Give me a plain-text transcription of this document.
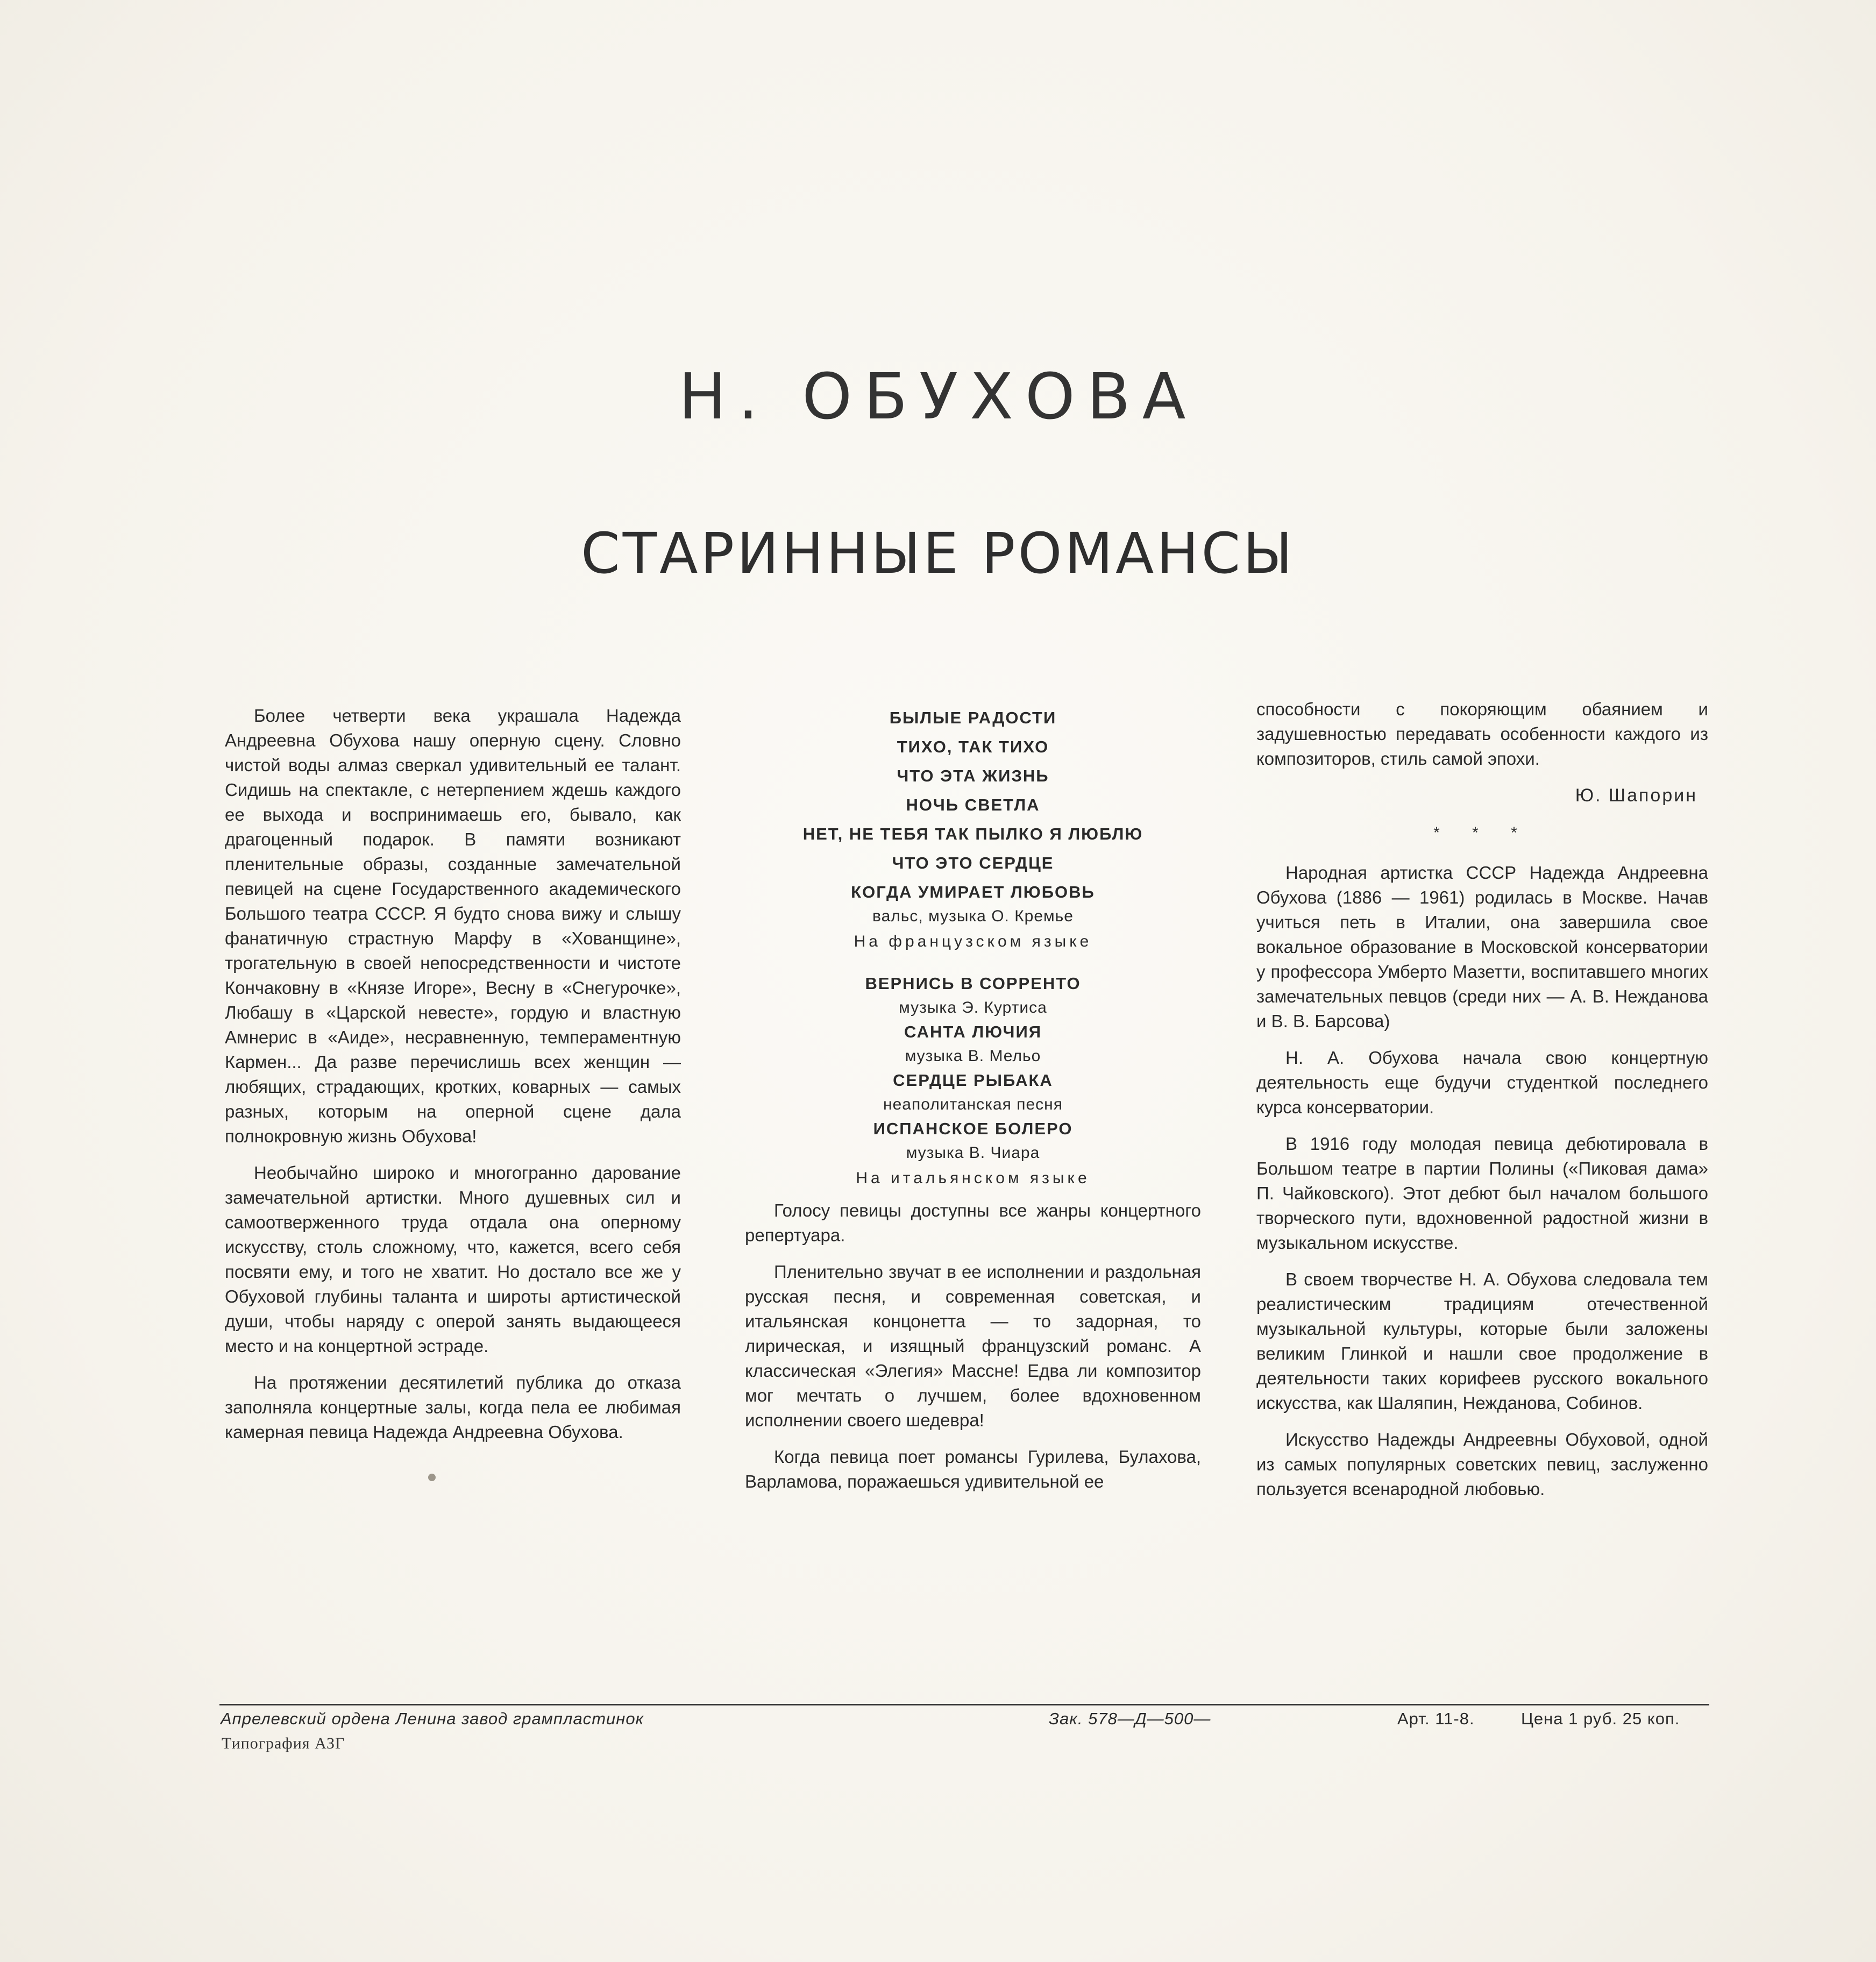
Н. ОБУХОВА
СТАРИННЫЕ РОМАНСЫ

Более четверти века украшала Надежда Андреевна Обухова нашу оперную сцену. Словно чистой воды алмаз сверкал удивительный ее талант. Сидишь на спектакле, с нетерпением ждешь каждого ее выхода и воспринимаешь его, бывало, как драгоценный подарок. В памяти возникают пленительные образы, созданные замечательной певицей на сцене Государственного академического Большого театра СССР. Я будто снова вижу и слышу фанатичную страстную Марфу в «Хованщине», трогательную в своей непосредственности и чистоте Кончаковну в «Князе Игоре», Весну в «Снегурочке», Любашу в «Царской невесте», гордую и властную Амнерис в «Аиде», несравненную, темпераментную Кармен... Да разве перечислишь всех женщин — любящих, страдающих, кротких, коварных — самых разных, которым на оперной сцене дала полнокровную жизнь Обухова!

Необычайно широко и многогранно дарование замечательной артистки. Много душевных сил и самоотверженного труда отдала она оперному искусству, столь сложному, что, кажется, всего себя посвяти ему, и того не хватит. Но достало все же у Обуховой глубины таланта и широты артистической души, чтобы наряду с оперой занять выдающееся место и на концертной эстраде.

На протяжении десятилетий публика до отказа заполняла концертные залы, когда пела ее любимая камерная певица Надежда Андреевна Обухова.

БЫЛЫЕ РАДОСТИ
ТИХО, ТАК ТИХО
ЧТО ЭТА ЖИЗНЬ
НОЧЬ СВЕТЛА
НЕТ, НЕ ТЕБЯ ТАК ПЫЛКО Я ЛЮБЛЮ
ЧТО ЭТО СЕРДЦЕ
КОГДА УМИРАЕТ ЛЮБОВЬ
вальс, музыка О. Кремье
На французском языке
ВЕРНИСЬ В СОРРЕНТО
музыка Э. Куртиса
САНТА ЛЮЧИЯ
музыка В. Мельо
СЕРДЦЕ РЫБАКА
неаполитанская песня
ИСПАНСКОЕ БОЛЕРО
музыка В. Чиара
На итальянском языке

Голосу певицы доступны все жанры концертного репертуара.

Пленительно звучат в ее исполнении и раздольная русская песня, и современная советская, и итальянская концонетта — то задорная, то лирическая, и изящный французский романс. А классическая «Элегия» Массне! Едва ли композитор мог мечтать о лучшем, более вдохновенном исполнении своего шедевра!

Когда певица поет романсы Гурилева, Булахова, Варламова, поражаешься удивительной ее

способности с покоряющим обаянием и задушевностью передавать особенности каждого из композиторов, стиль самой эпохи.

Ю. Шапорин
* * *

Народная артистка СССР Надежда Андреевна Обухова (1886 — 1961) родилась в Москве. Начав учиться петь в Италии, она завершила свое вокальное образование в Московской консерватории у профессора Умберто Мазетти, воспитавшего многих замечательных певцов (среди них — А. В. Нежданова и В. В. Барсова)

Н. А. Обухова начала свою концертную деятельность еще будучи студенткой последнего курса консерватории.

В 1916 году молодая певица дебютировала в Большом театре в партии Полины («Пиковая дама» П. Чайковского). Этот дебют был началом большого творческого пути, вдохновенной радостной жизни в музыкальном искусстве.

В своем творчестве Н. А. Обухова следовала тем реалистическим традициям отечественной музыкальной культуры, которые были заложены великим Глинкой и нашли свое продолжение в деятельности таких корифеев русского вокального искусства, как Шаляпин, Нежданова, Собинов.

Искусство Надежды Андреевны Обуховой, одной из самых популярных советских певиц, заслуженно пользуется всенародной любовью.

Апрелевский ордена Ленина завод грампластинок	Зак. 578—Д—500—	Арт. 11-8.	Цена 1 руб. 25 коп.
Типография АЗГ
